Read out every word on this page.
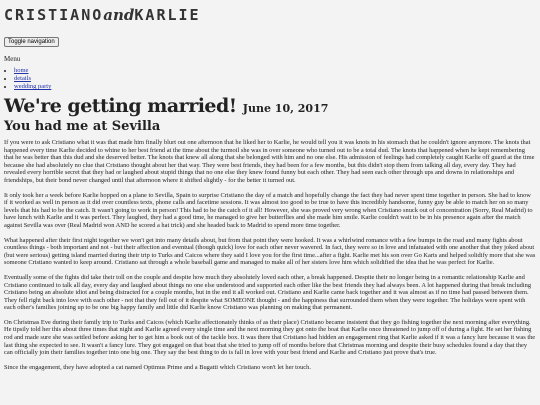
CRISTIANOandKARLIE
Toggle navigation
Menu
• home
• details
• wedding party
We're getting married! June 10, 2017
You had me at Sevilla

If you were to ask Cristiano what it was that made him finally blurt out one afternoon that he liked her to Karlie, he would tell you it was knots in his stomach that he couldn't ignore anymore. The knots that happened every time Karlie decided to whine to her best friend at the time about the turmoil she was in over someone who turned out to be a total dud. The knots that happened when he kept remembering that he was better than this dud and she deserved better. The knots that knew all along that she belonged with him and no one else. His admission of feelings had completely caught Karlie off guard at the time because she had absolutely no clue that Cristiano thought about her that way. They were best friends, they had been for a few months, but this didn't stop them from talking all day, every day. They had revealed every horrible secret that they had or laughed about stupid things that no one else they knew found funny but each other. They had seen each other through ups and downs in relationships and friendships, but their bond never changed until that afternoon where it shifted slightly - for the better it turned out.

It only took her a week before Karlie hopped on a plane to Sevilla, Spain to surprise Cristiano the day of a match and hopefully change the fact they had never spent time together in person. She had to know if it worked as well in person as it did over countless texts, phone calls and facetime sessions. It was almost too good to be true to have this incredibly handsome, funny guy be able to match her on so many levels that his had to be the catch. It wasn't going to work in person! This had to be the catch of it all! However, she was proved very wrong when Cristiano snuck out of concentration (Sorry, Real Madrid) to have lunch with Karlie and it was perfect. They laughed, they had a good time, he managed to give her butterflies and she made him smile. Karlie couldn't wait to be in his presence again after the match against Sevilla was over (Real Madrid won AND he scored a hat trick) and she headed back to Madrid to spend more time together.

What happened after their first night together we won't get into many details about, but from that point they were hooked. It was a whirlwind romance with a few bumps in the road and many fights about countless things - both important and not - but their affection and eventual (though quick) love for each other never wavered. In fact, they were so in love and infatuated with one another that they joked about (but were serious) getting island married during their trip to Turks and Caicos where they said I love you for the first time...after a fight. Karlie met his son over Go Karts and helped solidify more that she was someone Cristiano wanted to keep around. Cristiano sat through a whole baseball game and managed to make all of her sisters love him which solidified the idea that he was perfect for Karlie.

Eventually some of the fights did take their toll on the couple and despite how much they absolutely loved each other, a break happened. Despite their no longer being in a romantic relationship Karlie and Cristiano continued to talk all day, every day and laughed about things no one else understood and supported each other like the best friends they had always been. A lot happened during that break including Cristiano being an absolute idiot and being distracted for a couple months, but in the end it all worked out. Cristiano and Karlie came back together and it was almost as if no time had passed between them. They fell right back into love with each other - not that they fell out of it despite what SOMEONE thought - and the happiness that surrounded them when they were together. The holidays were spent with each other's families joining up to be one big happy family and little did Karlie know Cristiano was planning on making that permanent.

On Christmas Eve during their family trip to Turks and Caicos (which Karlie affectionately thinks of as their place) Cristiano became insistent that they go fishing together the next morning after everything. He tipsily told her this about three times that night and Karlie agreed every single time and the next morning they got onto the boat that Karlie once threatened to jump off of during a fight. He set her fishing rod and made sure she was settled before asking her to get him a book out of the tackle box. It was there that Cristiano had hidden an engagement ring that Karlie asked if it was a fancy lure because it was the last thing she expected to see. It wasn't a fancy lure. They got engaged on that boat that she tried to jump off of months before that Christmas morning and despite their busy schedules found a day that they can officially join their families together into one big one. They say the best thing to do is fall in love with your best friend and Karlie and Cristiano just prove that's true.

Since the engagement, they have adopted a cat named Optimus Prime and a Bugatti which Cristiano won't let her touch.
